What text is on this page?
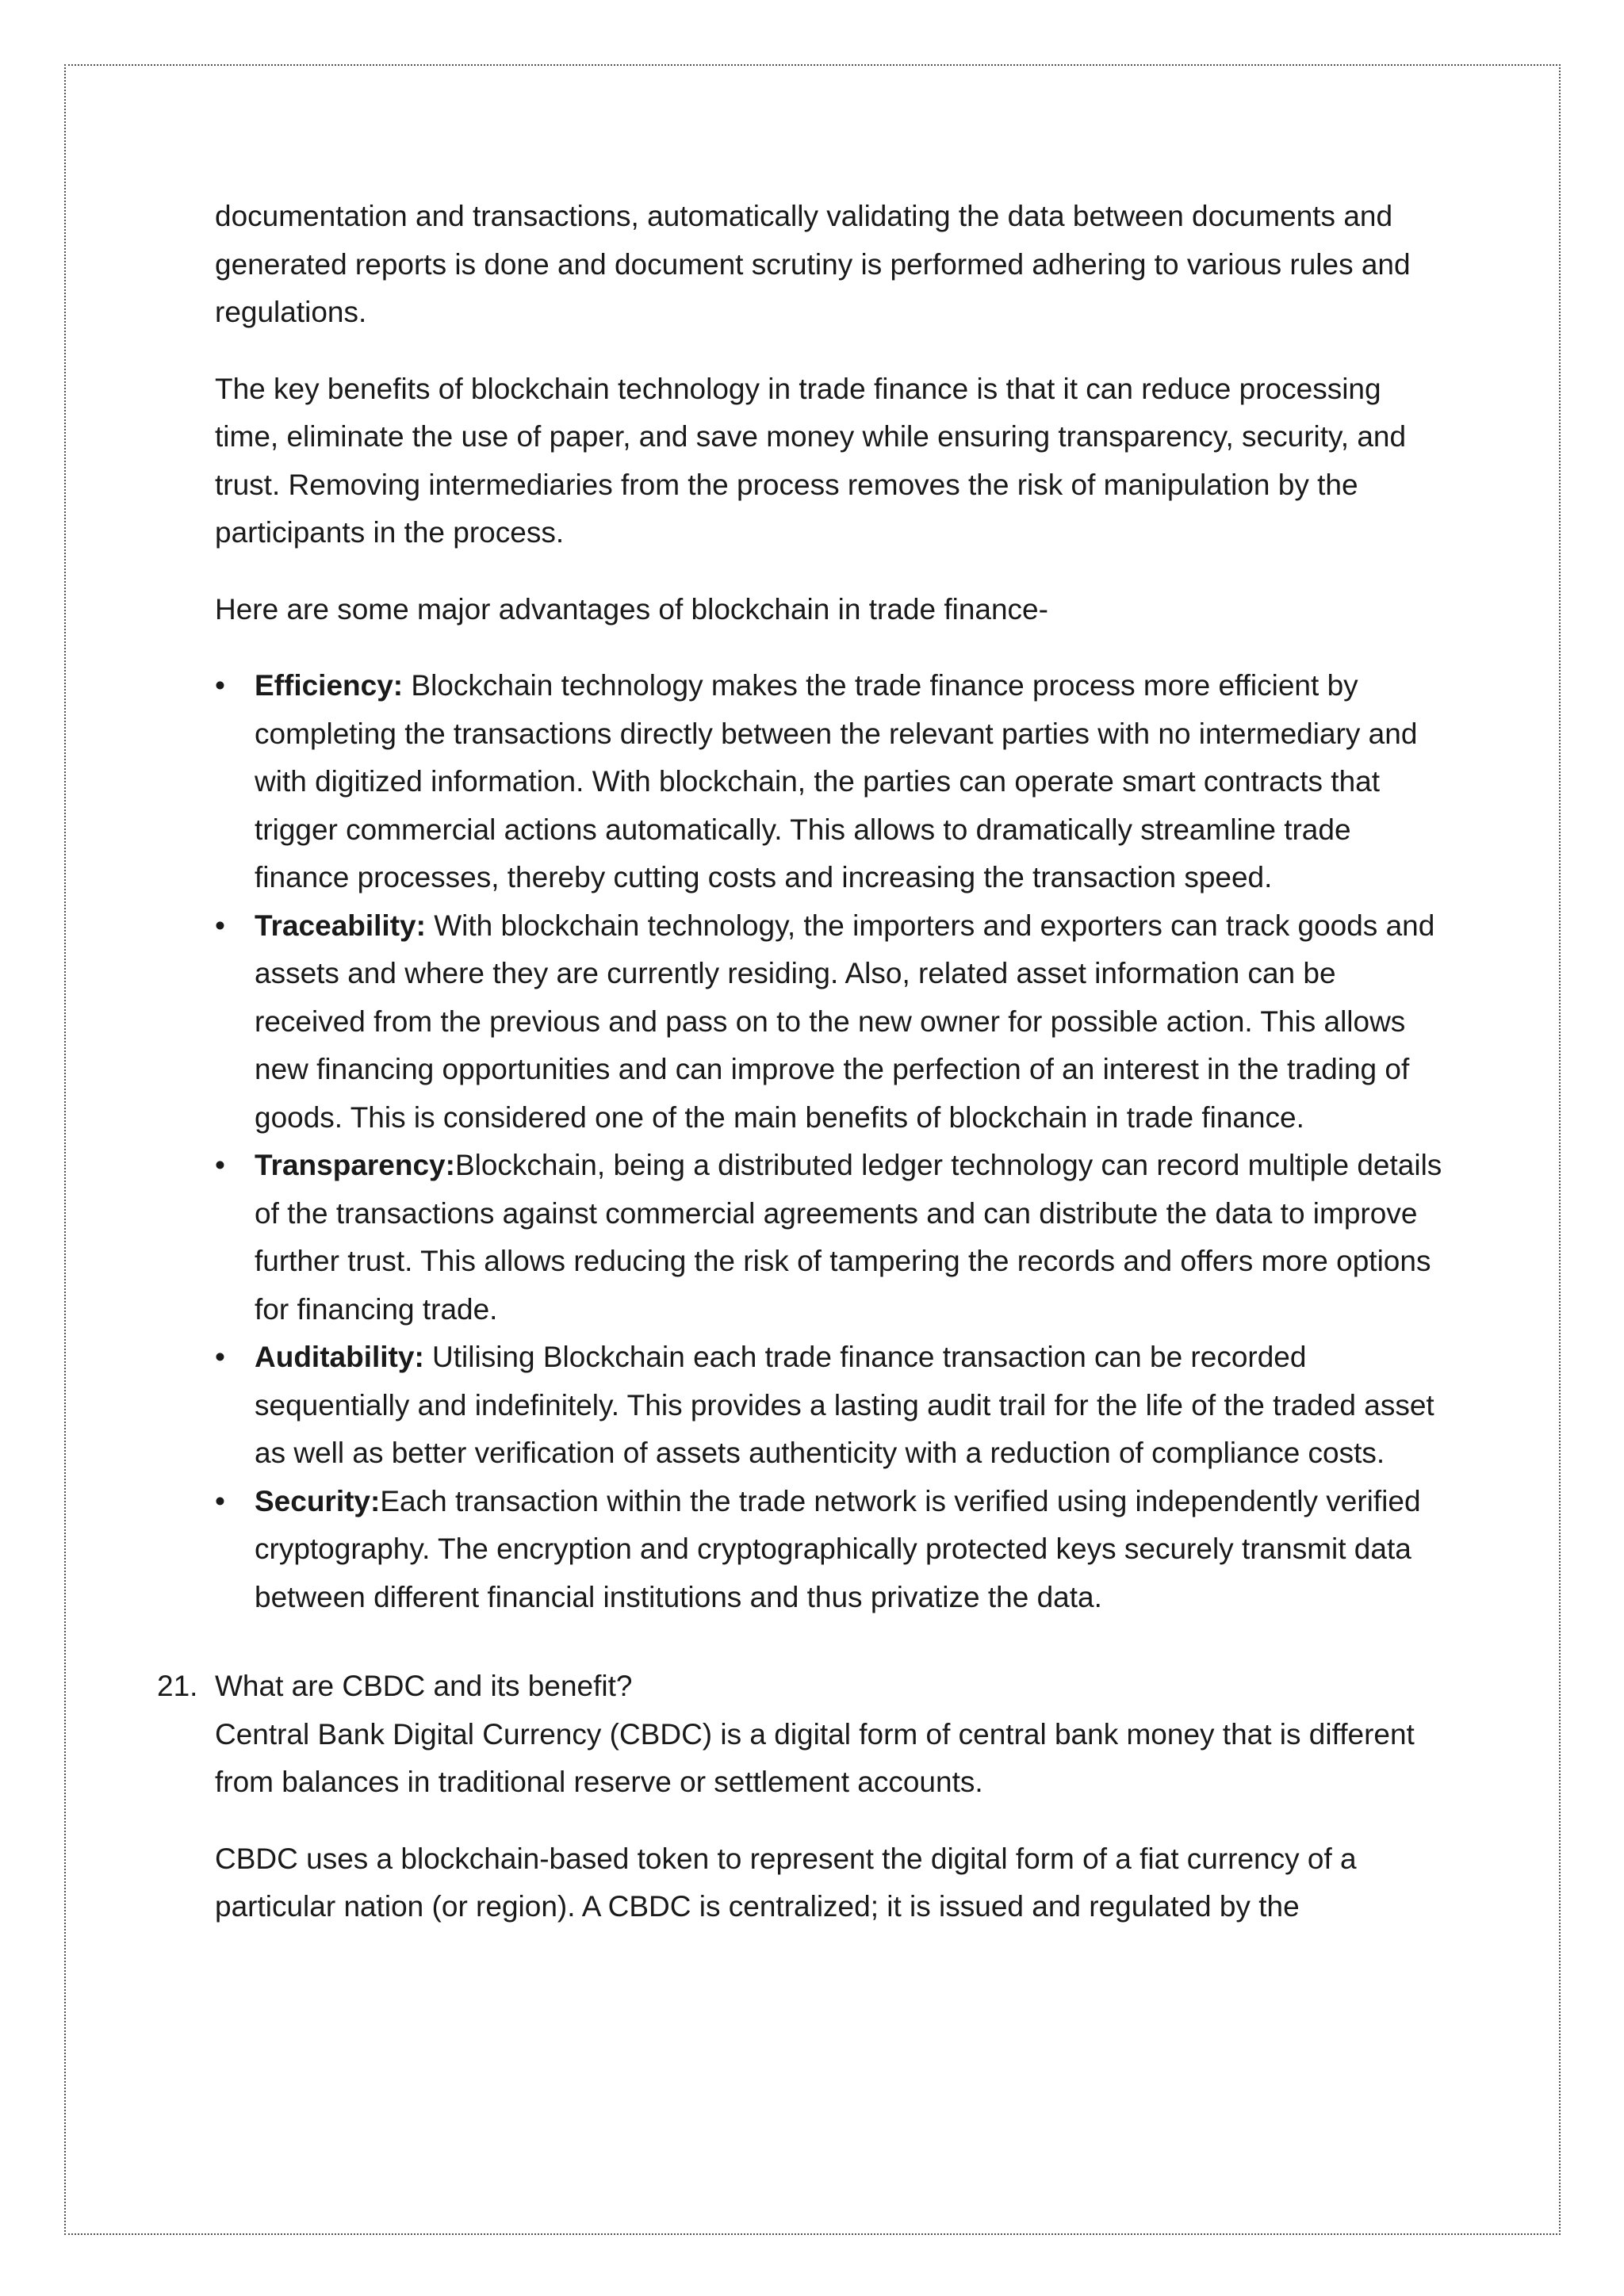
documentation and transactions, automatically validating the data between documents and generated reports is done and document scrutiny is performed adhering to various rules and regulations.

The key benefits of blockchain technology in trade finance is that it can reduce processing time, eliminate the use of paper, and save money while ensuring transparency, security, and trust. Removing intermediaries from the process removes the risk of manipulation by the participants in the process.

Here are some major advantages of blockchain in trade finance-

•	Efficiency: Blockchain technology makes the trade finance process more efficient by completing the transactions directly between the relevant parties with no intermediary and with digitized information. With blockchain, the parties can operate smart contracts that trigger commercial actions automatically. This allows to dramatically streamline trade finance processes, thereby cutting costs and increasing the transaction speed.
•	Traceability: With blockchain technology, the importers and exporters can track goods and assets and where they are currently residing. Also, related asset information can be received from the previous and pass on to the new owner for possible action. This allows new financing opportunities and can improve the perfection of an interest in the trading of goods. This is considered one of the main benefits of blockchain in trade finance.
•	Transparency:Blockchain, being a distributed ledger technology can record multiple details of the transactions against commercial agreements and can distribute the data to improve further trust. This allows reducing the risk of tampering the records and offers more options for financing trade.
•	Auditability: Utilising Blockchain each trade finance transaction can be recorded sequentially and indefinitely. This provides a lasting audit trail for the life of the traded asset as well as better verification of assets authenticity with a reduction of compliance costs.
•	Security:Each transaction within the trade network is verified using independently verified cryptography. The encryption and cryptographically protected keys securely transmit data between different financial institutions and thus privatize the data.
21. What are CBDC and its benefit?

Central Bank Digital Currency (CBDC) is a digital form of central bank money that is different from balances in traditional reserve or settlement accounts.

CBDC uses a blockchain-based token to represent the digital form of a fiat currency of a particular nation (or region). A CBDC is centralized; it is issued and regulated by the
